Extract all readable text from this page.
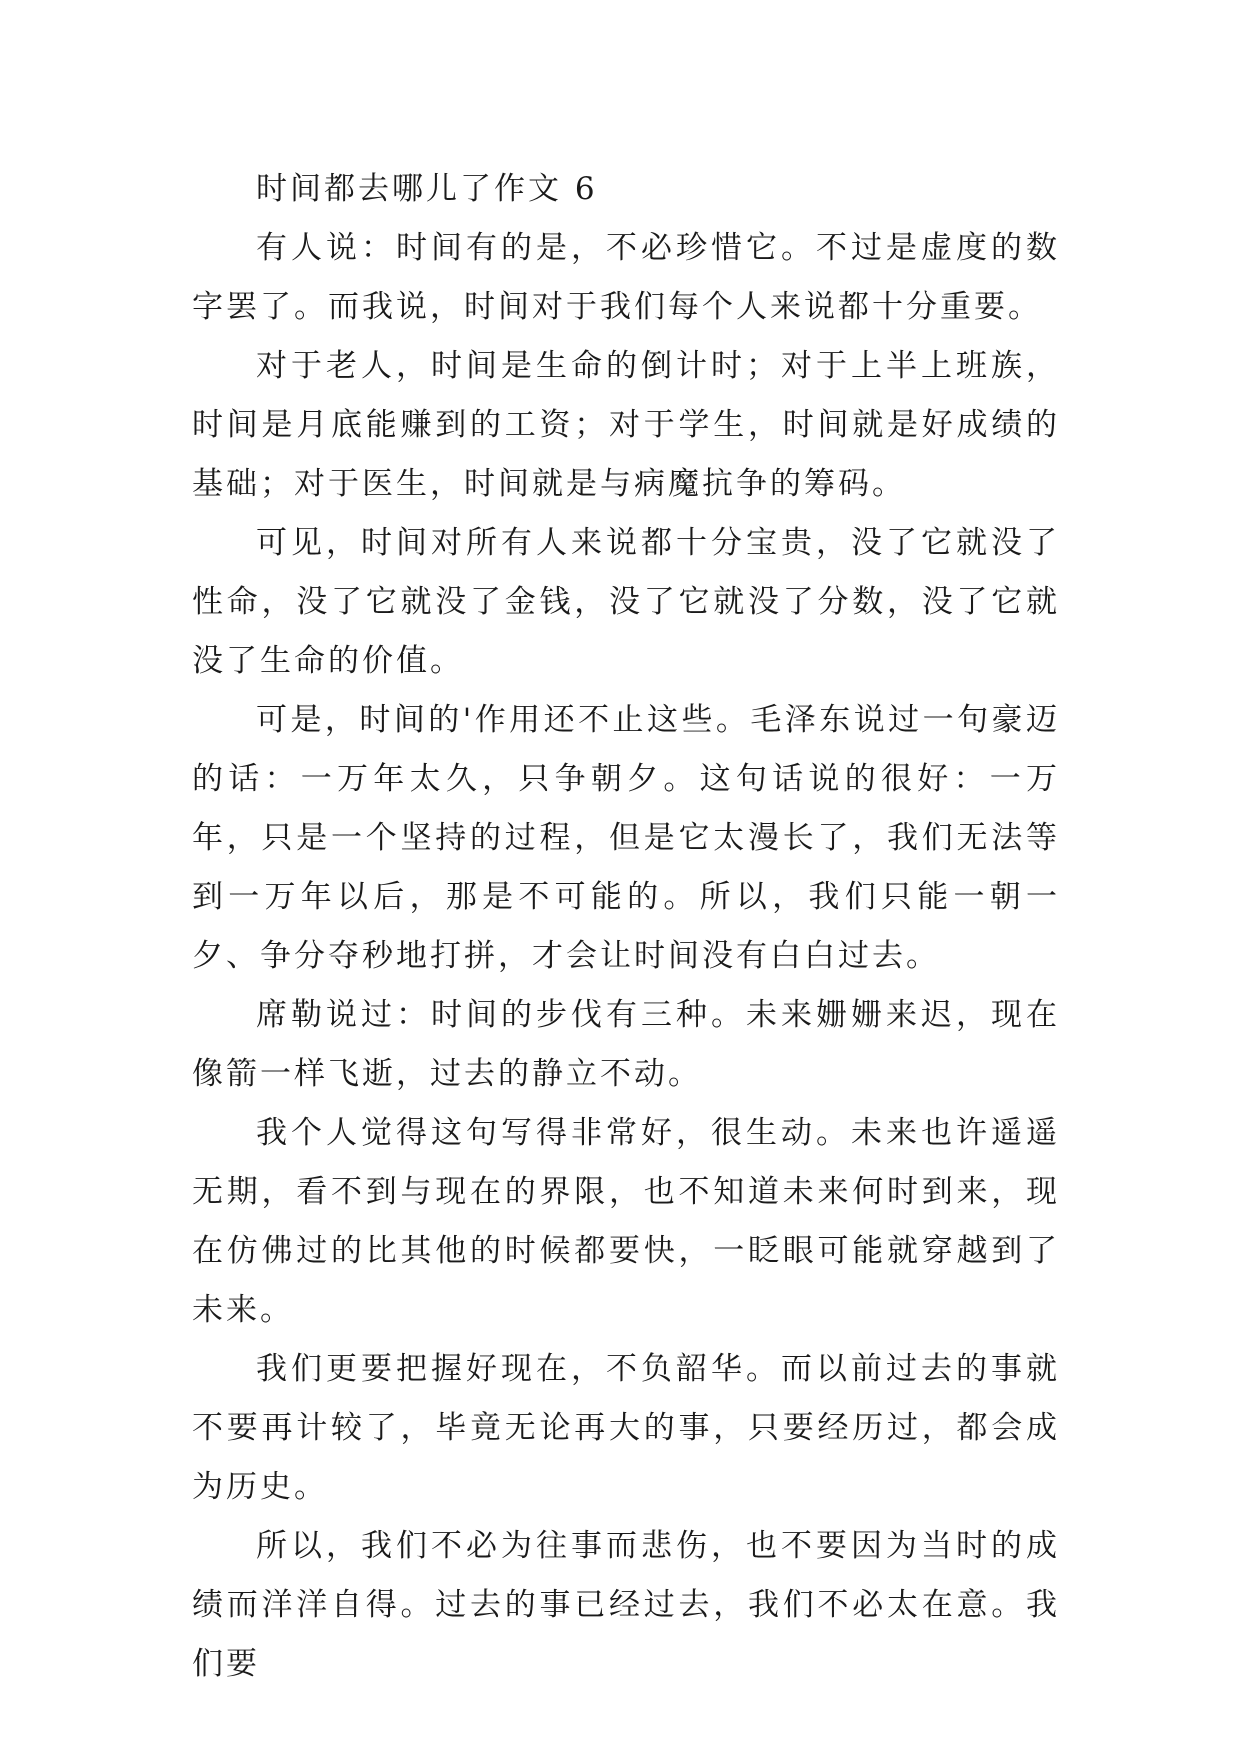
时间都去哪儿了作文 6

有人说：时间有的是，不必珍惜它。不过是虚度的数字罢了。而我说，时间对于我们每个人来说都十分重要。

对于老人，时间是生命的倒计时；对于上半上班族，时间是月底能赚到的工资；对于学生，时间就是好成绩的基础；对于医生，时间就是与病魔抗争的筹码。

可见，时间对所有人来说都十分宝贵，没了它就没了性命，没了它就没了金钱，没了它就没了分数，没了它就没了生命的价值。

可是，时间的'作用还不止这些。毛泽东说过一句豪迈的话：一万年太久，只争朝夕。这句话说的很好：一万年，只是一个坚持的过程，但是它太漫长了，我们无法等到一万年以后，那是不可能的。所以，我们只能一朝一夕、争分夺秒地打拼，才会让时间没有白白过去。

席勒说过：时间的步伐有三种。未来姗姗来迟，现在像箭一样飞逝，过去的静立不动。

我个人觉得这句写得非常好，很生动。未来也许遥遥无期，看不到与现在的界限，也不知道未来何时到来，现在仿佛过的比其他的时候都要快，一眨眼可能就穿越到了未来。

我们更要把握好现在，不负韶华。而以前过去的事就不要再计较了，毕竟无论再大的事，只要经历过，都会成为历史。

所以，我们不必为往事而悲伤，也不要因为当时的成绩而洋洋自得。过去的事已经过去，我们不必太在意。我们要
